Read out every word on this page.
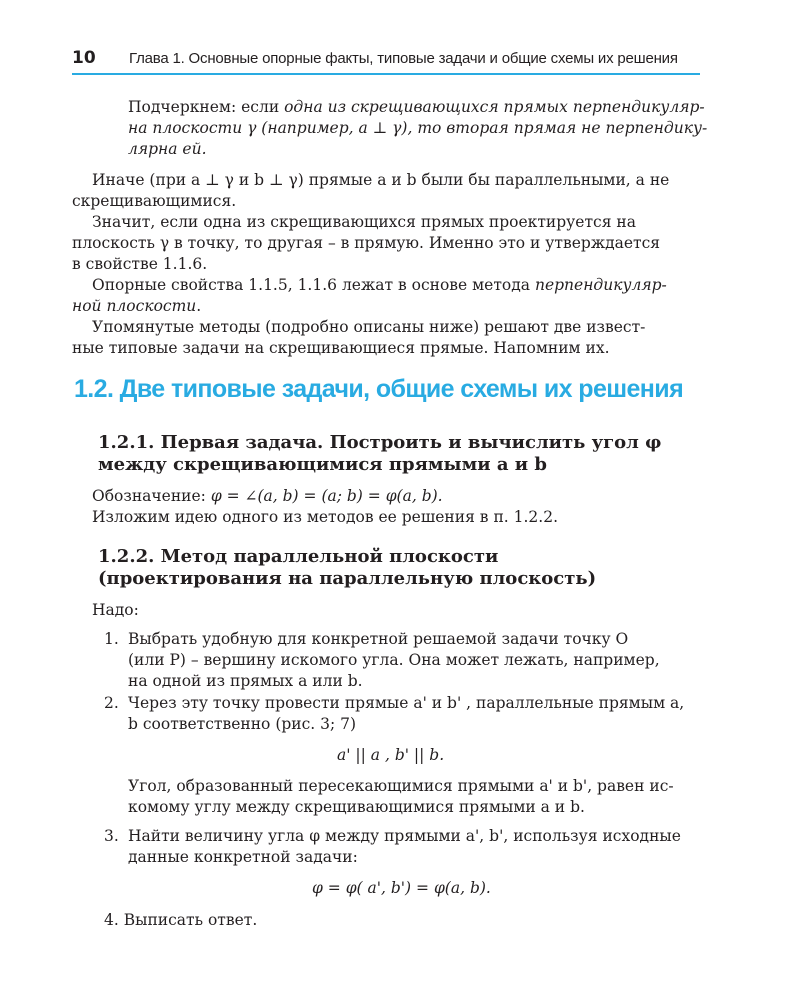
10 Глава 1. Основные опорные факты, типовые задачи и общие схемы их решения
Подчеркнем: если одна из скрещивающихся прямых перпендикуляр-
на плоскости γ (например, a ⊥ γ), то вторая прямая не перпендику-
лярна ей.
Иначе (при a ⊥ γ и b ⊥ γ) прямые a и b были бы параллельными, а не
скрещивающимися.
Значит, если одна из скрещивающихся прямых проектируется на
плоскость γ в точку, то другая – в прямую. Именно это и утверждается
в свойстве 1.1.6.
Опорные свойства 1.1.5, 1.1.6 лежат в основе метода перпендикуляр-
ной плоскости.
Упомянутые методы (подробно описаны ниже) решают две извест-
ные типовые задачи на скрещивающиеся прямые. Напомним их.
1.2. Две типовые задачи, общие схемы их решения
1.2.1. Первая задача. Построить и вычислить угол φ
между скрещивающимися прямыми a и b
Обозначение: φ = ∠(a, b) = (a; b) = φ(a, b).
Изложим идею одного из методов ее решения в п. 1.2.2.
1.2.2. Метод параллельной плоскости
(проектирования на параллельную плоскость)
Надо:
1. Выбрать удобную для конкретной решаемой задачи точку O
(или P) – вершину искомого угла. Она может лежать, например,
на одной из прямых a или b.
2. Через эту точку провести прямые a' и b' , параллельные прямым a,
b соответственно (рис. 3; 7)
a' || a , b' || b.
Угол, образованный пересекающимися прямыми a' и b', равен ис-
комому углу между скрещивающимися прямыми a и b.
3. Найти величину угла φ между прямыми a', b', используя исходные
данные конкретной задачи:
φ = φ( a', b') = φ(a, b).
4. Выписать ответ.
